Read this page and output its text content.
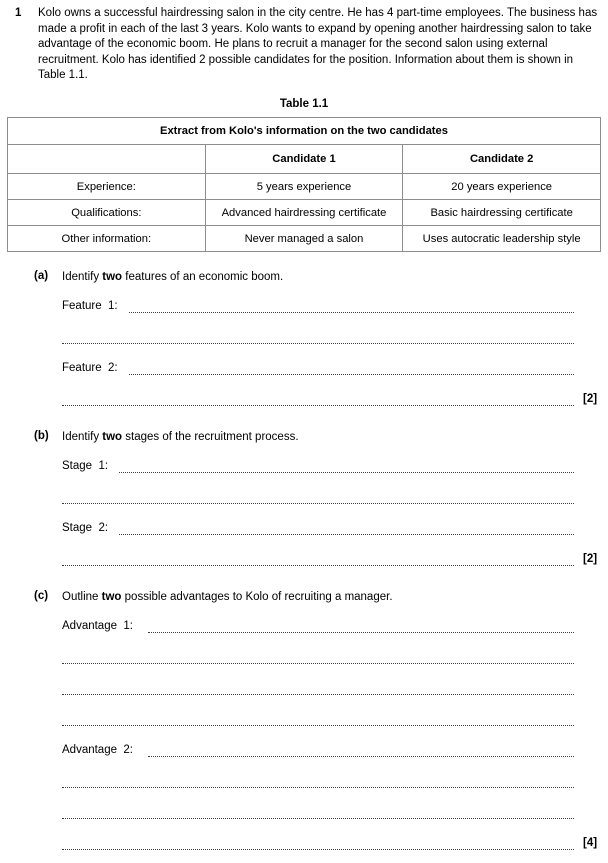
1 Kolo owns a successful hairdressing salon in the city centre. He has 4 part-time employees. The business has made a profit in each of the last 3 years. Kolo wants to expand by opening another hairdressing salon to take advantage of the economic boom. He plans to recruit a manager for the second salon using external recruitment. Kolo has identified 2 possible candidates for the position. Information about them is shown in Table 1.1.
Table 1.1
Extract from Kolo's information on the two candidates		
	Candidate 1	Candidate 2
Experience:	5 years experience	20 years experience
Qualifications:	Advanced hairdressing certificate	Basic hairdressing certificate
Other information:	Never managed a salon	Uses autocratic leadership style
(a) Identify two features of an economic boom.
Feature  1:
Feature  2:
[2]
(b) Identify two stages of the recruitment process.
Stage  1:
Stage  2:
[2]
(c) Outline two possible advantages to Kolo of recruiting a manager.
Advantage  1:
Advantage  2:
[4]
